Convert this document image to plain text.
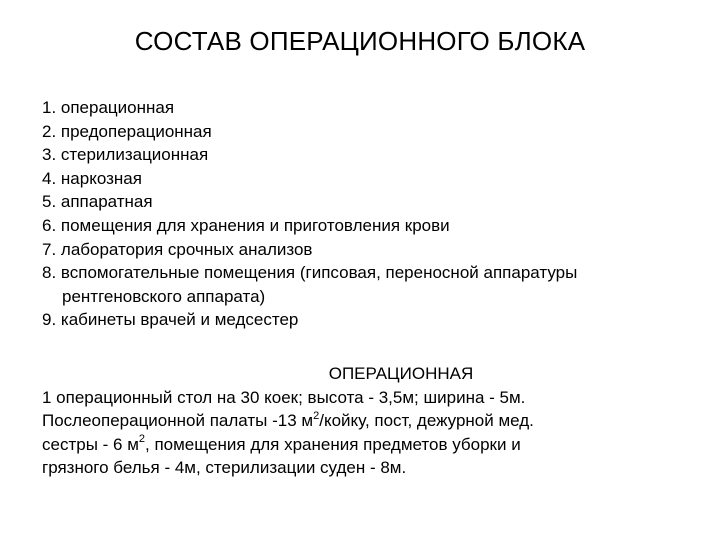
СОСТАВ ОПЕРАЦИОННОГО БЛОКА
1. операционная
2. предоперационная
3. стерилизационная
4. наркозная
5. аппаратная
6. помещения для хранения и приготовления крови
7. лаборатория срочных анализов
8. вспомогательные помещения (гипсовая, переносной аппаратуры
рентгеновского аппарата)
9. кабинеты врачей и медсестер
ОПЕРАЦИОННАЯ
1 операционный стол на 30 коек; высота - 3,5м; ширина - 5м.
Послеоперационной палаты -13 $м^2$/койку, пост, дежурной мед.
сестры - 6 $м^2$, помещения для хранения предметов уборки и
грязного белья - 4м, стерилизации суден - 8м.
